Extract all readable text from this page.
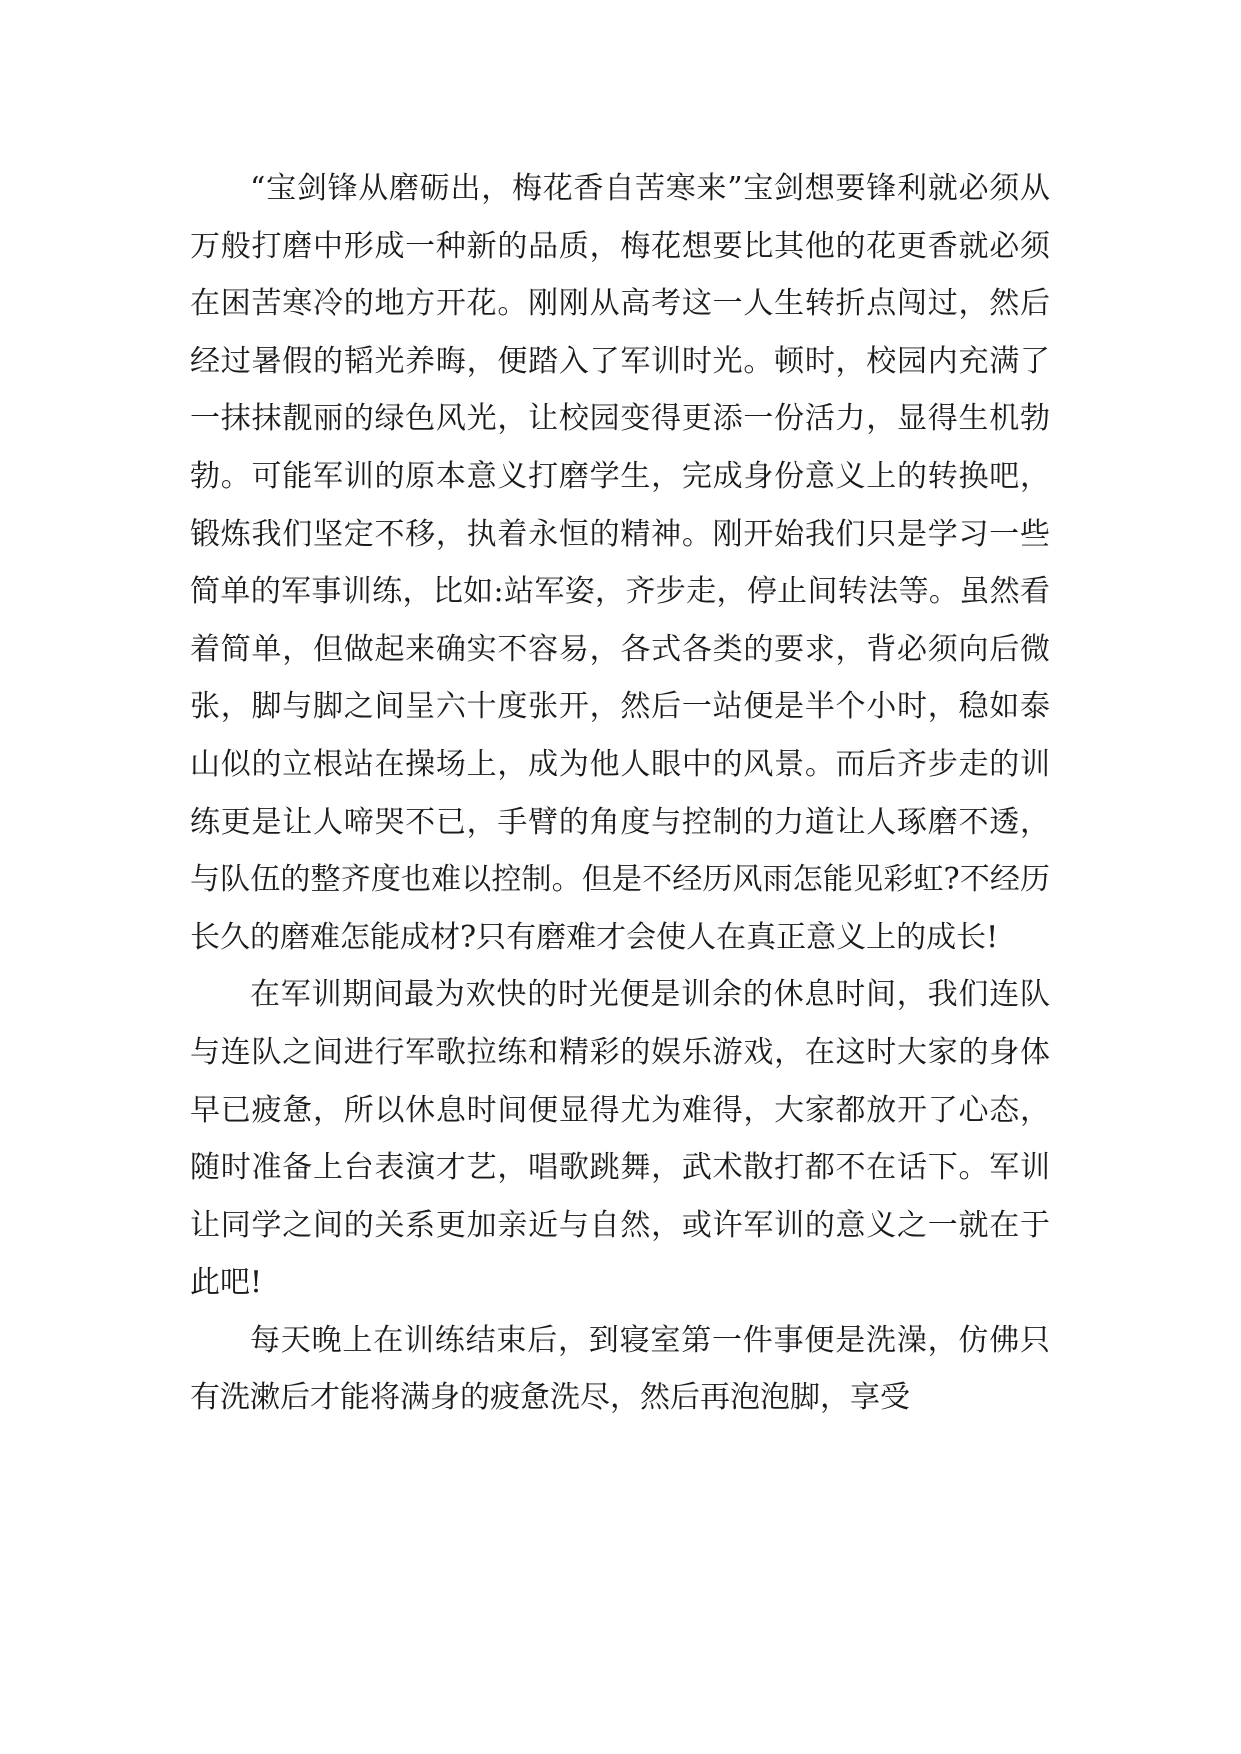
“宝剑锋从磨砺出，梅花香自苦寒来”宝剑想要锋利就必须从万般打磨中形成一种新的品质，梅花想要比其他的花更香就必须在困苦寒冷的地方开花。刚刚从高考这一人生转折点闯过，然后经过暑假的韬光养晦，便踏入了军训时光。顿时，校园内充满了一抹抹靓丽的绿色风光，让校园变得更添一份活力，显得生机勃勃。可能军训的原本意义打磨学生，完成身份意义上的转换吧，锻炼我们坚定不移，执着永恒的精神。刚开始我们只是学习一些简单的军事训练，比如:站军姿，齐步走，停止间转法等。虽然看着简单，但做起来确实不容易，各式各类的要求，背必须向后微张，脚与脚之间呈六十度张开，然后一站便是半个小时，稳如泰山似的立根站在操场上，成为他人眼中的风景。而后齐步走的训练更是让人啼哭不已，手臂的角度与控制的力道让人琢磨不透，与队伍的整齐度也难以控制。但是不经历风雨怎能见彩虹?不经历长久的磨难怎能成材?只有磨难才会使人在真正意义上的成长!

在军训期间最为欢快的时光便是训余的休息时间，我们连队与连队之间进行军歌拉练和精彩的娱乐游戏，在这时大家的身体早已疲惫，所以休息时间便显得尤为难得，大家都放开了心态，随时准备上台表演才艺，唱歌跳舞，武术散打都不在话下。军训让同学之间的关系更加亲近与自然，或许军训的意义之一就在于此吧!

每天晚上在训练结束后，到寝室第一件事便是洗澡，仿佛只有洗漱后才能将满身的疲惫洗尽，然后再泡泡脚，享受
